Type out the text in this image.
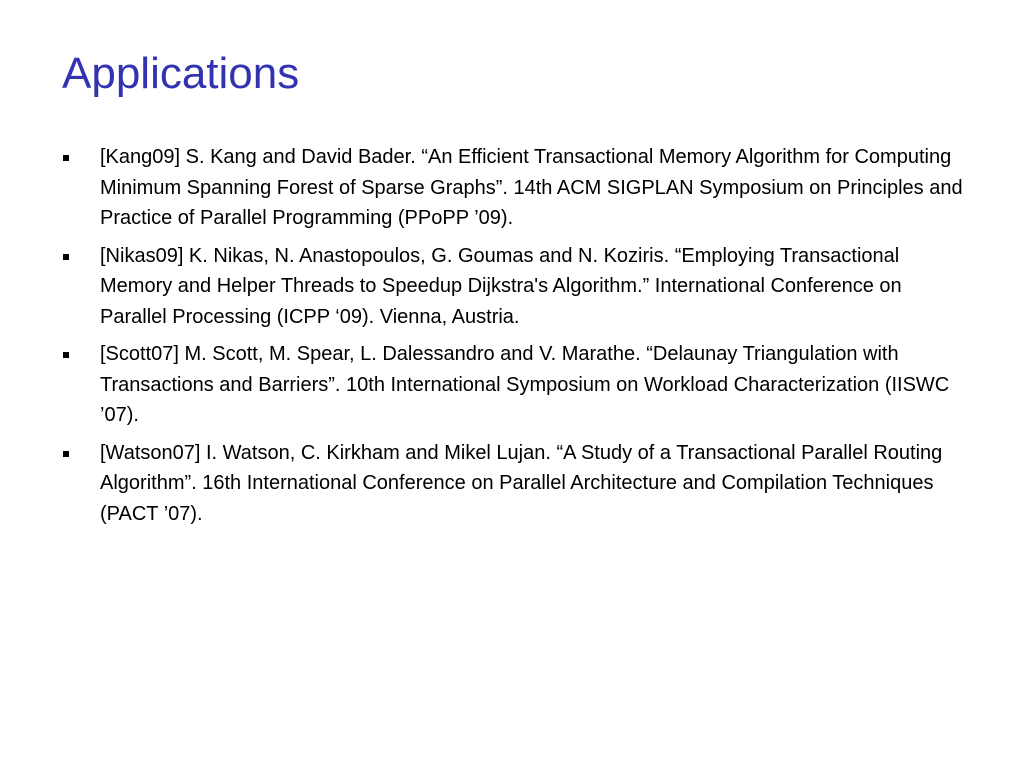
Applications
[Kang09] S. Kang and David Bader. “An Efficient Transactional Memory Algorithm for Computing Minimum Spanning Forest of Sparse Graphs”. 14th ACM SIGPLAN Symposium on Principles and Practice of Parallel Programming (PPoPP ’09).
[Nikas09] K. Nikas, N. Anastopoulos, G. Goumas and N. Koziris. “Employing Transactional Memory and Helper Threads to Speedup Dijkstra's Algorithm.” International Conference on Parallel Processing (ICPP ‘09). Vienna, Austria.
[Scott07] M. Scott, M. Spear, L. Dalessandro and V. Marathe. “Delaunay Triangulation with Transactions and Barriers”. 10th International Symposium on Workload Characterization (IISWC ’07).
[Watson07] I. Watson, C. Kirkham and Mikel Lujan. “A Study of a Transactional Parallel Routing Algorithm”. 16th International Conference on Parallel Architecture and Compilation Techniques (PACT ’07).
